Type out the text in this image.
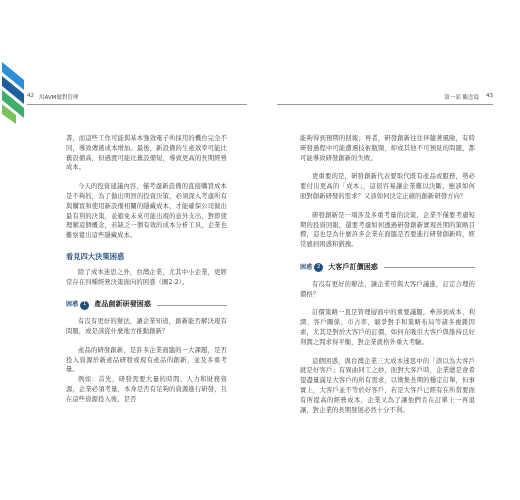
42 用AVM做對管理	第一部 觀念篇 43

書，而這些工作可能與基本強效電子所採用的機台完全不同，導致傳遞成本增加。最後，新設備的生產效率可能比舊設備高，但過渡可能比舊設備短，導致更高的長期經營成本。

今天的投資建議內容，僅考慮新設備的直接購買成本是不夠的，為了做出明智的投資決策，必須深入考慮所有與購買和使用新設備相關的隱藏成本，才能確保公司做出最有利的決策，並避免未來可能出現的意外支出，對即使理解這個概念，若缺乏一個有效的成本分析工具，企業也難察覺出這些隱藏成本。

看見四大決策困惑

除了成本迷思之外，台灣企業，尤其中小企業，更經常存在四種經營決策面向的困惑（圖2-2）。

困惑 1	產品創新研發困惑

有沒有更好的辦法，讓企業知道，創新能否解決現有問題，或是該從什麼地方推動創新？

產品的研發創新，是許多企業面臨的一大課題，是否投入資源於新產品研發或現有產品的創新，並及多重考量。

例如：首先，研發需要大量的時間、人力和財務資源，企業必須考量，本身是否有足夠的資源進行研發，且在這些資源投入後，是否

能夠得到預期的回報；再者，研發創新往往伴隨著風險，有時研發過程中可能遭遇技術瓶頸，抑或其他不可預見的問題，都可能導致研發創新的失敗。

更重要的是，研發創新代表要取代既有產品或服務，勢必要付出更高的「成本」，這很容易讓企業難以決斷。應該如何面對創新研發的需求？又該如何決定正確的創新研發方向？

研發創新是一項涉及多重考量的決策，企業不僅要考慮短期的投資回報，還要考慮如何透過研發創新實現長期的策略目標，這也是為什麼許多企業在面臨是否要進行研發創新時，經常感到困惑和猶豫。

困惑 2	大客戶訂價困惑

有沒有更好的辦法，讓企業可與大客戶議進，訂定合理的價格？

訂價策略一直是管理層面中的重要議題，牽涉到成本、利潤、客戶關係、市占率，競爭對手和策略布局等諸多複雜因素，尤其是對於大客戶的訂價，如何在吸引大客戶與維持良好利潤之間求得平衡，對企業就格外重大考驗。

這個困惑，與台灣企業三大成本迷思中的「誤以為大客戶就是好客戶」有異曲同工之妙，面對大客戶時，企業總是會希望盡量滿足大客戶的所有需求，以徵集長期的穩定訂單，但事實上，大客戶並不等於好客戶，若是大客戶已經有在所當要面有所提高的經營成本，企業又為了讓他們肯在訂單上一再退讓，對企業的長期發展必然十分不利。
